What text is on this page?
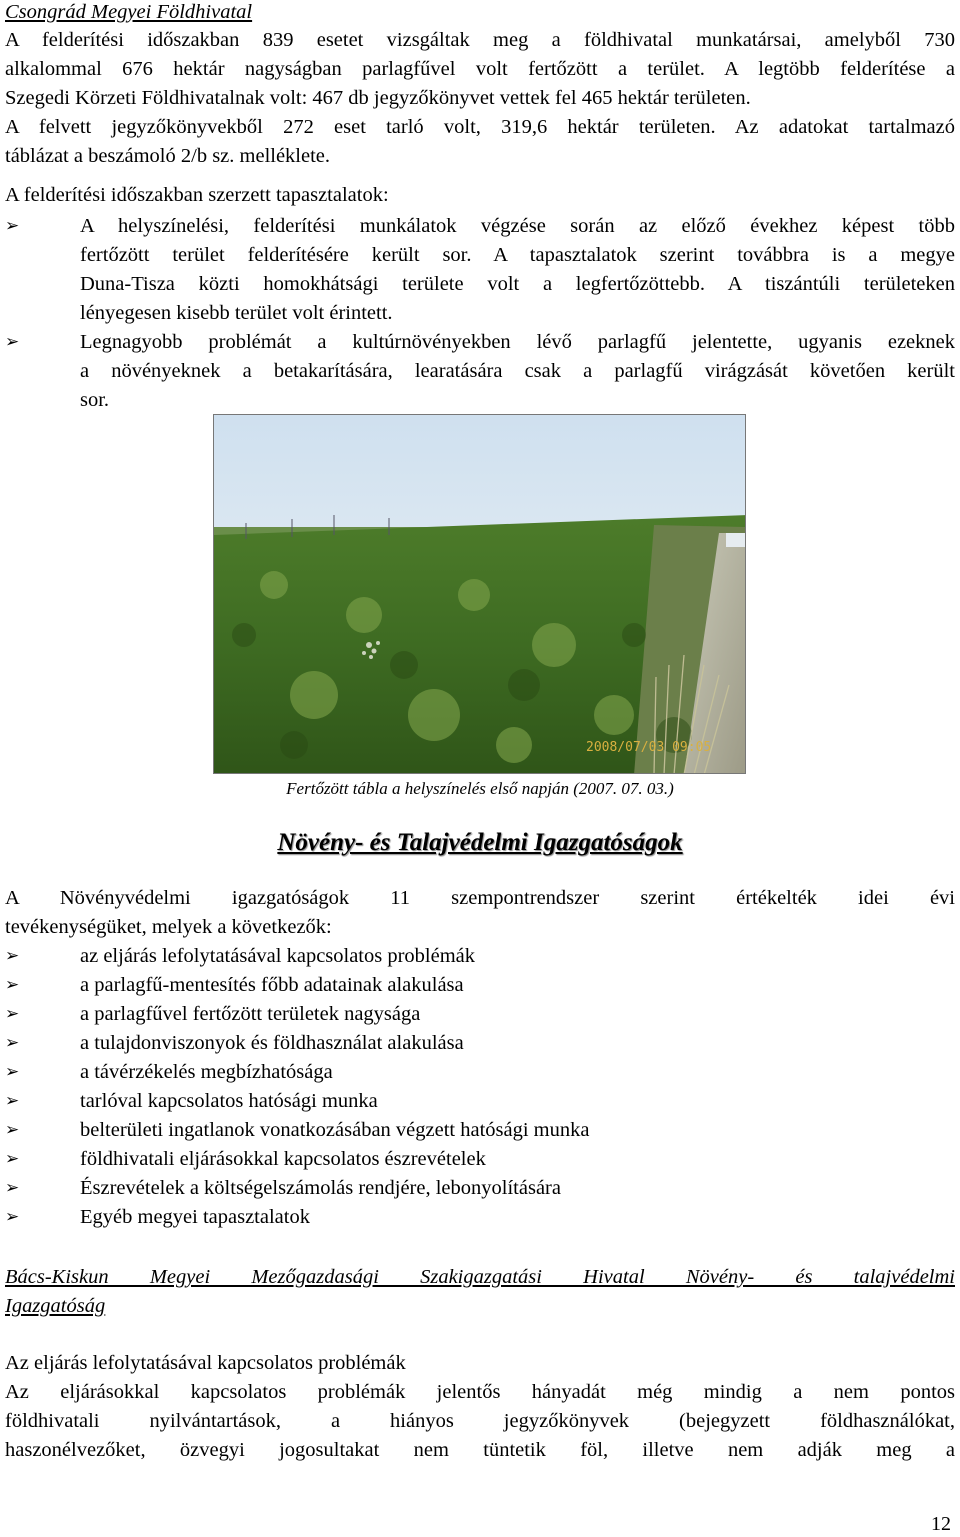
Csongrád Megyei Földhivatal
A felderítési időszakban 839 esetet vizsgáltak meg a földhivatal munkatársai, amelyből 730
alkalommal 676 hektár nagyságban parlagfűvel volt fertőzött a terület. A legtöbb felderítése a
Szegedi Körzeti Földhivatalnak volt: 467 db jegyzőkönyvet vettek fel 465 hektár területen.
A felvett jegyzőkönyvekből 272 eset tarló volt, 319,6 hektár területen. Az adatokat tartalmazó
táblázat a beszámoló 2/b sz. melléklete.
A felderítési időszakban szerzett tapasztalatok:
➢	A helyszínelési, felderítési munkálatok végzése során az előző évekhez képest több
fertőzött terület felderítésére került sor. A tapasztalatok szerint továbbra is a megye
Duna-Tisza közti homokhátsági területe volt a legfertőzöttebb. A tiszántúli területeken
lényegesen kisebb terület volt érintett.
➢	Legnagyobb problémát a kultúrnövényekben lévő parlagfű jelentette, ugyanis ezeknek
a növényeknek a betakarítására, learatására csak a parlagfű virágzását követően került
sor.
2008/07/03 09:05
Fertőzött tábla a helyszínelés első napján (2007. 07. 03.)
Növény- és Talajvédelmi Igazgatóságok
A Növényvédelmi igazgatóságok 11 szempontrendszer szerint értékelték idei évi
tevékenységüket, melyek a következők:
➢	az eljárás lefolytatásával kapcsolatos problémák
➢	a parlagfű-mentesítés főbb adatainak alakulása
➢	a parlagfűvel fertőzött területek nagysága
➢	a tulajdonviszonyok és földhasználat alakulása
➢	a távérzékelés megbízhatósága
➢	tarlóval kapcsolatos hatósági munka
➢	belterületi ingatlanok vonatkozásában végzett hatósági munka
➢	földhivatali eljárásokkal kapcsolatos észrevételek
➢	Észrevételek a költségelszámolás rendjére, lebonyolítására
➢	Egyéb megyei tapasztalatok
Bács-Kiskun Megyei Mezőgazdasági Szakigazgatási Hivatal Növény- és talajvédelmi
Igazgatóság
Az eljárás lefolytatásával kapcsolatos problémák
Az eljárásokkal kapcsolatos problémák jelentős hányadát még mindig a nem pontos
földhivatali nyilvántartások, a hiányos jegyzőkönyvek (bejegyzett földhasználókat,
haszonélvezőket, özvegyi jogosultakat nem tüntetik föl, illetve nem adják meg a
12
